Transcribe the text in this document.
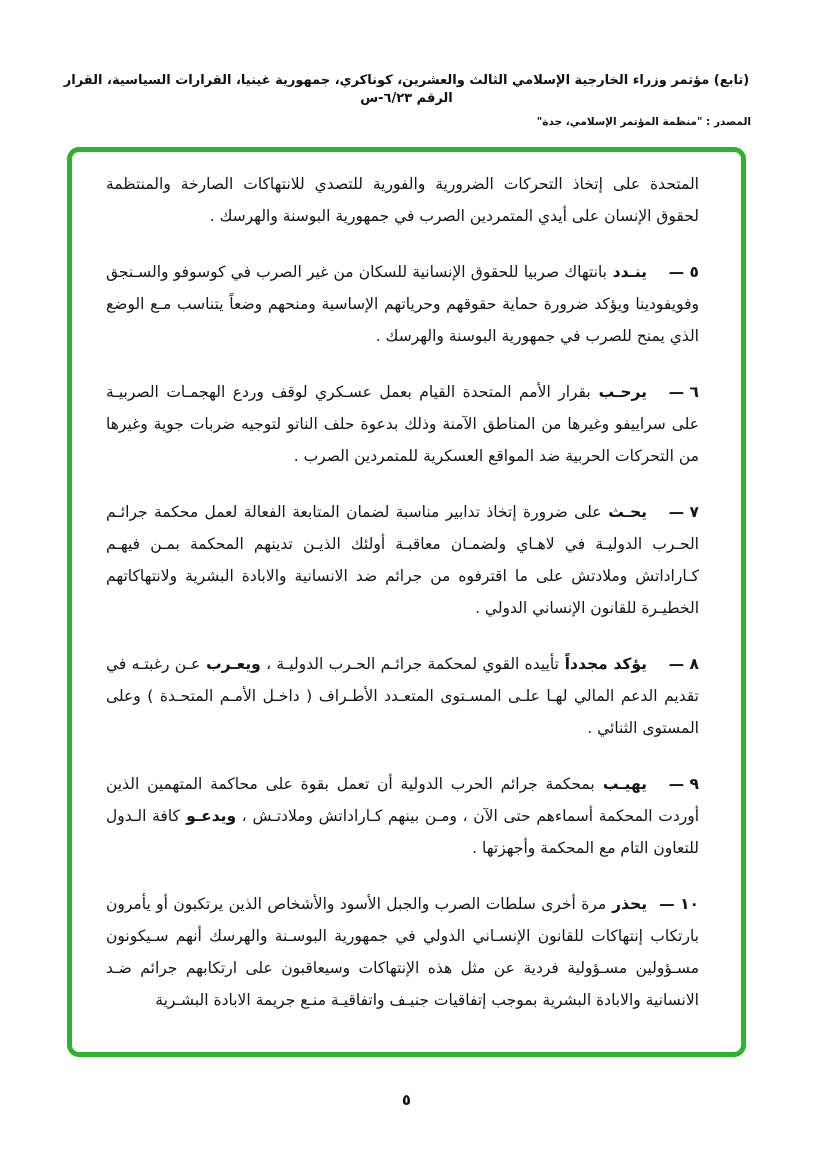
(تابع) مؤتمر وزراء الخارجية الإسلامي الثالث والعشرين، كوناكري، جمهورية غينيا، القرارات السياسية، القرار الرقم ٦/٢٣-س
المصدر : "منظمة المؤتمر الإسلامي، جدة"

المتحدة على إتخاذ التحركات الضرورية والفورية للتصدي للانتهاكات الصارخة والمنتظمة لحقوق الإنسان على أيدي المتمردين الصرب في جمهورية البوسنة والهرسك .

٥ —
ينـدد بانتهاك صربيا للحقوق الإنسانية للسكان من غير الصرب في كوسوفو والسـنجق وفويفودينا ويؤكد ضرورة حماية حقوقهم وحرياتهم الإساسية ومنحهم وضعاً يتناسب مـع الوضع الذي يمنح للصرب في جمهورية البوسنة والهرسك .

٦ —
يرحـب بقرار الأمم المتحدة القيام بعمل عسـكري لوقف وردع الهجمـات الصربيـة على سراييفو وغيرها من المناطق الآمنة وذلك بدعوة حلف الناتو لتوجيه ضربات جوية وغيرها من التحركات الحربية ضد المواقع العسكرية للمتمردين الصرب .

٧ —
يحـث على ضرورة إتخاذ تدابير مناسبة لضمان المتابعة الفعالة لعمل محكمة جرائـم الحـرب الدوليـة في لاهـاي ولضمـان معاقبـة أولئك الذيـن تدينهم المحكمة بمـن فيهـم كـاراداتش وملادتش على ما اقترفوه من جرائم ضد الانسانية والابادة البشرية ولانتهاكاتهم الخطيـرة للقانون الإنساني الدولي .

٨ —
يؤكد مجدداً تأييده القوي لمحكمة جرائـم الحـرب الدوليـة ، ويعـرب عـن رغبتـه في تقديم الدعم المالي لهـا علـى المسـتوى المتعـدد الأطـراف ( داخـل الأمـم المتحـدة ) وعلى المستوى الثنائي .

٩ —
يهيـب بمحكمة جرائم الحرب الدولية أن تعمل بقوة على محاكمة المتهمين الذين أوردت المحكمة أسماءهم حتى الآن ، ومـن بينهم كـاراداتش وملادتـش ، ويدعـو كافة الـدول للتعاون التام مع المحكمة وأجهزتها .

١٠ —
يحذر مرة أخرى سلطات الصرب والجبل الأسود والأشخاص الذين يرتكبون أو يأمرون بارتكاب إنتهاكات للقانون الإنسـاني الدولي في جمهورية البوسـنة والهرسك أنهم سـيكونون مسـؤولين مسـؤولية فردية عن مثل هذه الإنتهاكات وسيعاقبون على ارتكابهم جرائم ضـد الانسانية والابادة البشرية بموجب إتفاقيات جنيـف واتفاقيـة منـع جريمة الابادة البشـرية

٥
